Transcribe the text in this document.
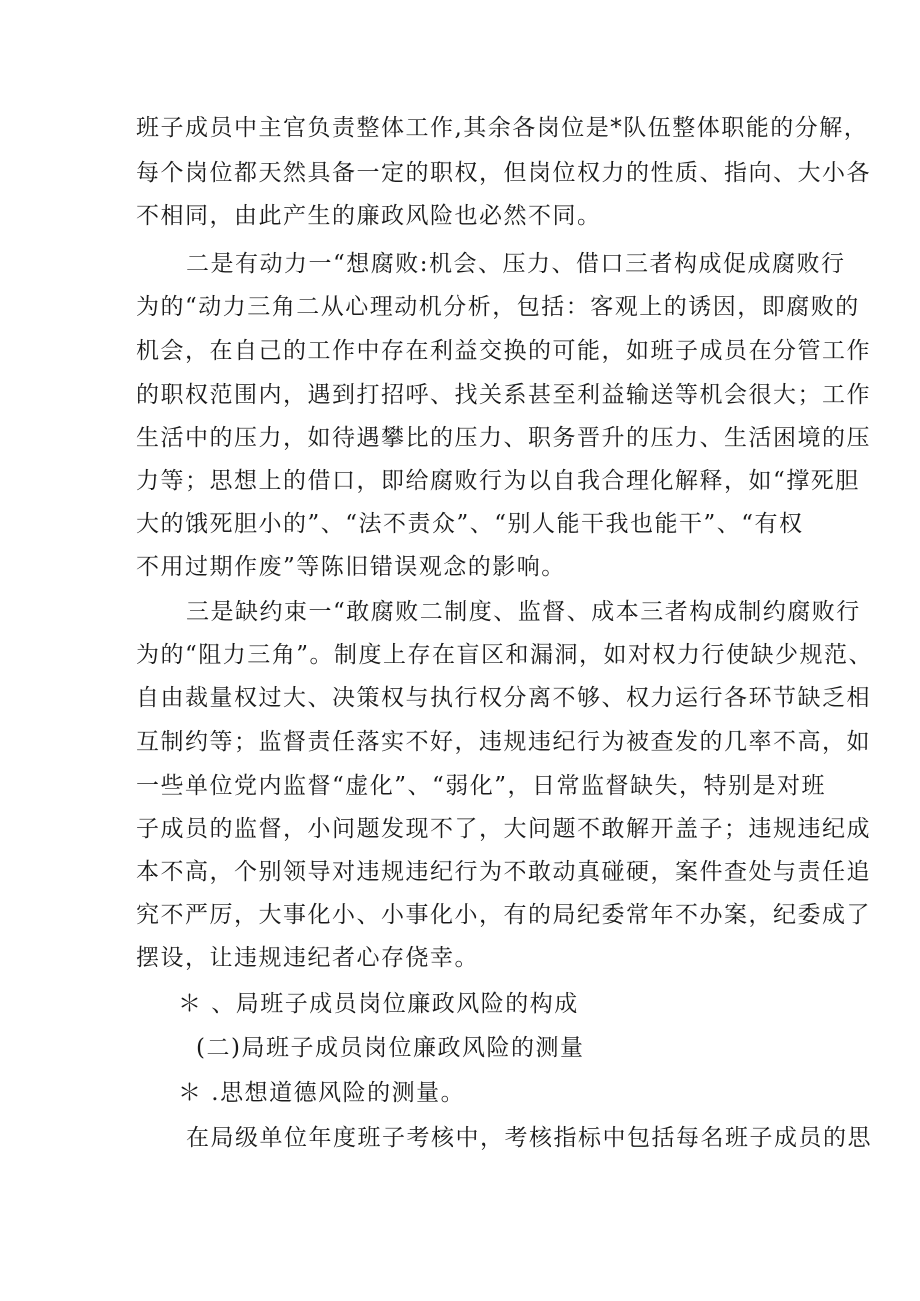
班子成员中主官负责整体工作,其余各岗位是*队伍整体职能的分解，
每个岗位都天然具备一定的职权，但岗位权力的性质、指向、大小各
不相同，由此产生的廉政风险也必然不同。
二是有动力一“想腐败:机会、压力、借口三者构成促成腐败行
为的“动力三角二从心理动机分析，包括：客观上的诱因，即腐败的
机会，在自己的工作中存在利益交换的可能，如班子成员在分管工作
的职权范围内，遇到打招呼、找关系甚至利益输送等机会很大；工作
生活中的压力，如待遇攀比的压力、职务晋升的压力、生活困境的压
力等；思想上的借口，即给腐败行为以自我合理化解释，如“撑死胆
大的饿死胆小的”、“法不责众”、“别人能干我也能干”、“有权
不用过期作废”等陈旧错误观念的影响。
三是缺约束一“敢腐败二制度、监督、成本三者构成制约腐败行
为的“阻力三角”。制度上存在盲区和漏洞，如对权力行使缺少规范、
自由裁量权过大、决策权与执行权分离不够、权力运行各环节缺乏相
互制约等；监督责任落实不好，违规违纪行为被查发的几率不高，如
一些单位党内监督“虚化”、“弱化”，日常监督缺失，特别是对班
子成员的监督，小问题发现不了，大问题不敢解开盖子；违规违纪成
本不高，个别领导对违规违纪行为不敢动真碰硬，案件查处与责任追
究不严厉，大事化小、小事化小，有的局纪委常年不办案，纪委成了
摆设，让违规违纪者心存侥幸。
＊ 、局班子成员岗位廉政风险的构成
(二)局班子成员岗位廉政风险的测量
＊ .思想道德风险的测量。
在局级单位年度班子考核中，考核指标中包括每名班子成员的思
